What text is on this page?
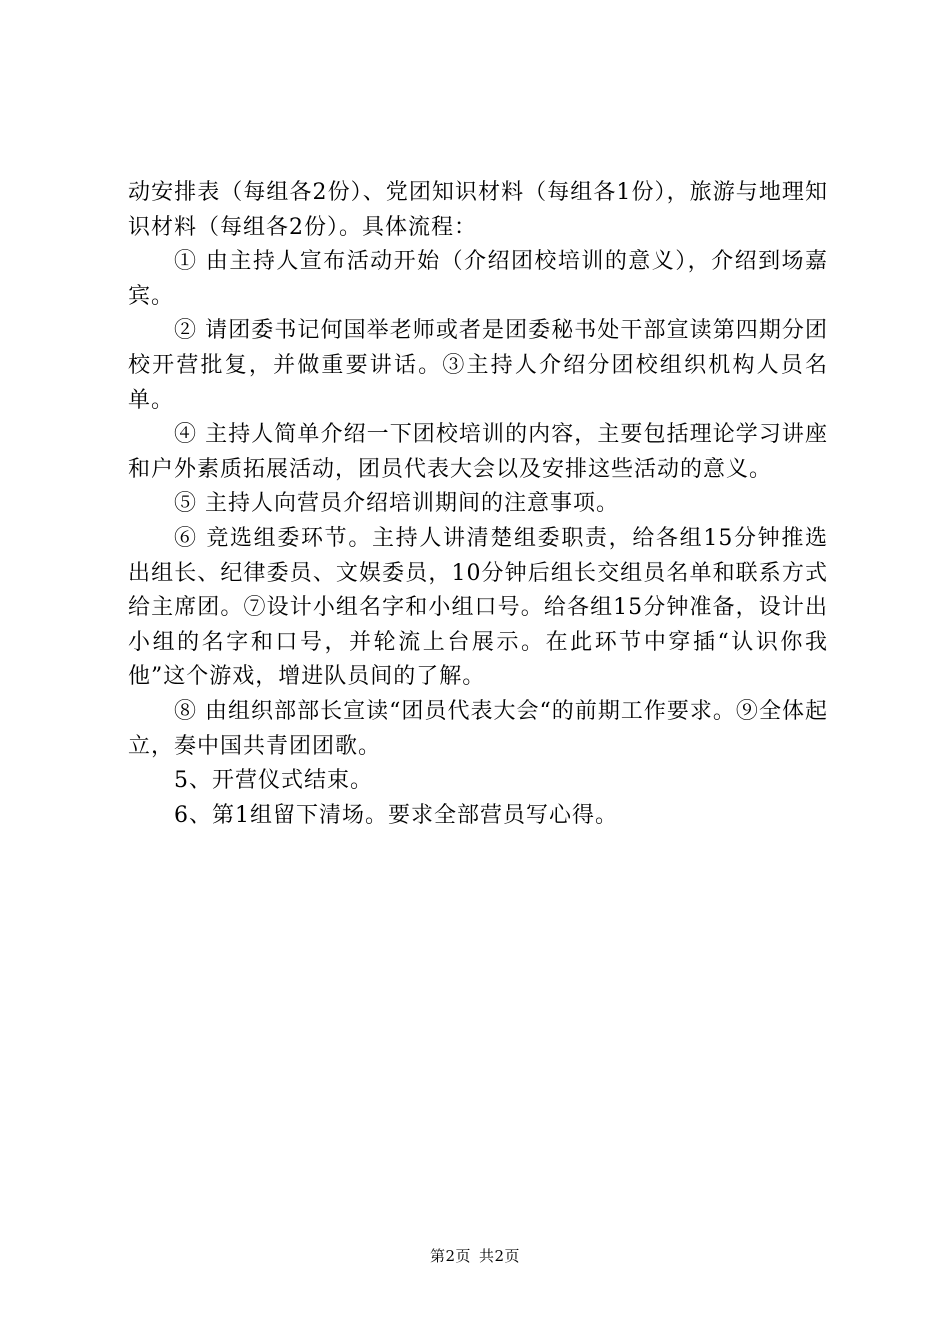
动安排表（每组各2份）、党团知识材料（每组各1份），旅游与地理知识材料（每组各2份）。具体流程：

① 由主持人宣布活动开始（介绍团校培训的意义），介绍到场嘉宾。

② 请团委书记何国举老师或者是团委秘书处干部宣读第四期分团校开营批复，并做重要讲话。③主持人介绍分团校组织机构人员名单。

④ 主持人简单介绍一下团校培训的内容，主要包括理论学习讲座和户外素质拓展活动，团员代表大会以及安排这些活动的意义。

⑤ 主持人向营员介绍培训期间的注意事项。

⑥ 竞选组委环节。主持人讲清楚组委职责，给各组15分钟推选出组长、纪律委员、文娱委员，10分钟后组长交组员名单和联系方式给主席团。⑦设计小组名字和小组口号。给各组15分钟准备，设计出小组的名字和口号，并轮流上台展示。在此环节中穿插“认识你我他”这个游戏，增进队员间的了解。

⑧ 由组织部部长宣读“团员代表大会“的前期工作要求。⑨全体起立，奏中国共青团团歌。

5、开营仪式结束。

6、第1组留下清场。要求全部营员写心得。

第2页 共2页
